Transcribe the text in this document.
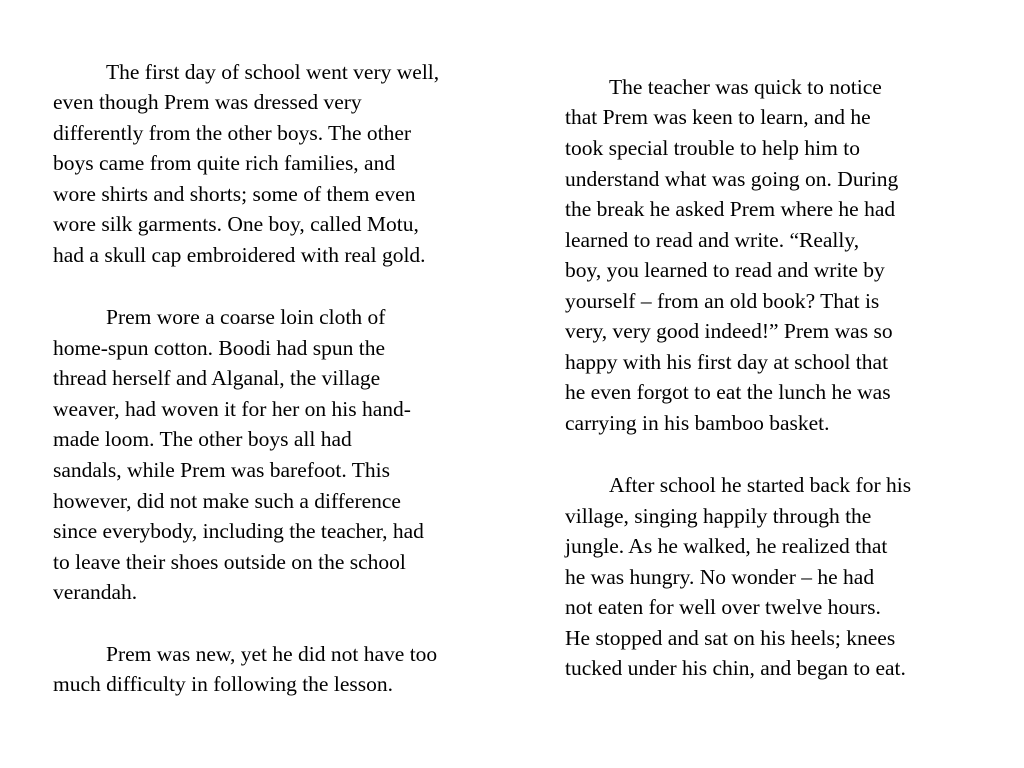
The first day of school went very well,
even though Prem was dressed very
differently from the other boys. The other
boys came from quite rich families, and
wore shirts and shorts; some of them even
wore silk garments. One boy, called Motu,
had a skull cap embroidered with real gold.
Prem wore a coarse loin cloth of
home-spun cotton. Boodi had spun the
thread herself and Alganal, the village
weaver, had woven it for her on his hand-
made loom. The other boys all had
sandals, while Prem was barefoot. This
however, did not make such a difference
since everybody, including the teacher, had
to leave their shoes outside on the school
verandah.
Prem was new, yet he did not have too
much difficulty in following the lesson.
The teacher was quick to notice
that Prem was keen to learn, and he
took special trouble to help him to
understand what was going on. During
the break he asked Prem where he had
learned to read and write. “Really,
boy, you learned to read and write by
yourself – from an old book? That is
very, very good indeed!” Prem was so
happy with his first day at school that
he even forgot to eat the lunch he was
carrying in his bamboo basket.
After school he started back for his
village, singing happily through the
jungle. As he walked, he realized that
he was hungry. No wonder – he had
not eaten for well over twelve hours.
He stopped and sat on his heels; knees
tucked under his chin, and began to eat.
